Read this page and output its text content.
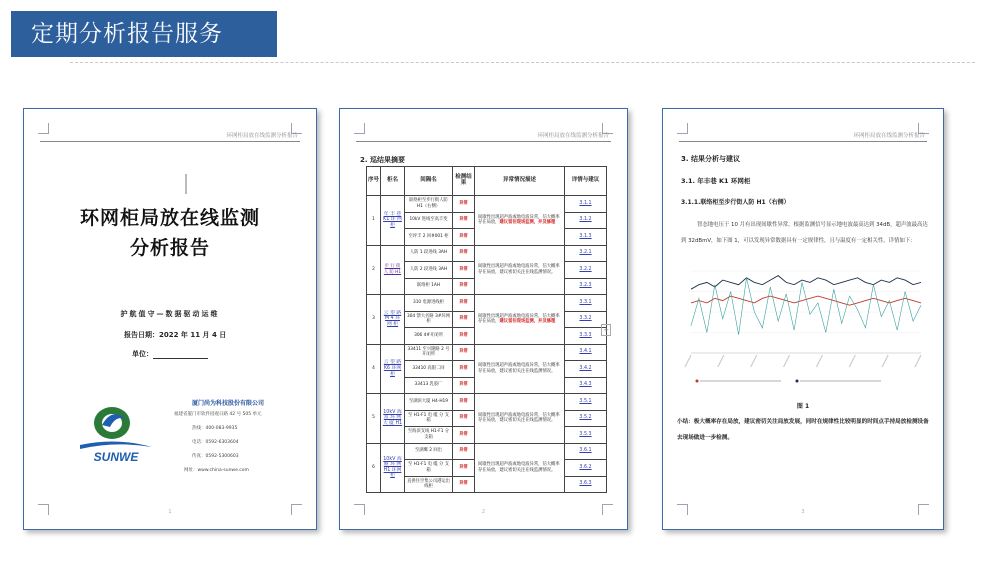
定期分析报告服务
环网柜局放在线监测分析报告
环网柜局放在线监测
分析报告
护航值守—数据驱动运维
报告日期：2022 年 11 月 4 日
单位：
SUNWE
厦门尚为科技股份有限公司
福建省厦门市软件园观日路 42 号 505 单元
热线：400-083-9935
电话：0592-6303604
传真：0592-5300603
网址：www.china-sunwe.com
1
环网柜局放在线监测分析报告
2. 巡结果摘要
序号	柜名	间隔名	检测结果	异常情况描述	详情与建议
1	年 丰 巷 K1 环 网 柜	联络柜至步行街人防 H1（右侧）	异常	间歇性出现超声波或地电波异常，信大概率存在局放，建议留住现场监测，并及修理	3.1.1
		10kV 进线至高丰变	异常		3.1.2
		至坪丰 2 回#001 柜	异常		3.1.3
2	步 行 街 人 防 H1	人防 1 段进线 3AH	异常	间歇性出现超声波或地电波异常，信大概率存在局放，建议密切关注在线监测情况。	3.2.1
		人防 2 段进线 3AH	异常		3.2.2
		联络柜 1AH	异常		3.2.3
3	云 望 路 M 4 环 网 柜	310 电源进线柜	异常	间歇性出现超声波或地电波异常，信大概率存在局放，建议留住现场监测，并及修理	3.3.1
		304 馈大名路 3#环网柜	异常		3.3.2
		306 4#开闭所	异常		3.3.3
4	云 望 路 K6 环网 柜	33411 至兴隆路 2 号开闭所	异常	间歇性出现超声波或地电波异常，信大概率存在局放，建议密切关注在线监测情况。	3.4.1
		33410 高银二回	异常		3.4.2
		33413 乳胶厂	异常		3.4.3
5	10kV 海 富 环 网 大 厦 H1	至湖滨大厦 H4-H19	异常	间歇性出现超声波或地电波异常，信大概率存在局放，建议密切关注在线监测情况。	3.5.1
		至 H1-F1 电 缆 分 支 箱	异常		3.5.2
		至海滨支线 H1-F1 分支箱	异常		3.5.3
6	10kV 海 丽 环 网 H1 环网 柜	至湖鹰 2 回出	异常	间歇性出现超声波或地电波异常，信大概率存在局放，建议密切关注在线监测情况。	3.6.1
		至 H1-F1 电 缆 分 支 箱	异常		3.6.2
		直供住空集公司港运出线柜	异常		3.6.3
+
2
环网柜局放在线监测分析报告
3. 结果分析与建议
3.1. 年丰巷 K1 环网柜
3.1.1.联络柜至步行街人防 H1（右侧）
智态地电压于 10 月有出现间歇性异常，根据监测信号显示地电波最高达到 34dB，超声波最高达到 32dBmV，如下图 1，可以发现异常数据具有一定规律性，且与温度有一定相关性，详情如下：
图 1
小结：极大概率存在局放，建议密切关注局放发展，同时在规律性比较明显的时间点手持局放检测设备去现场做进一步检测。
3
